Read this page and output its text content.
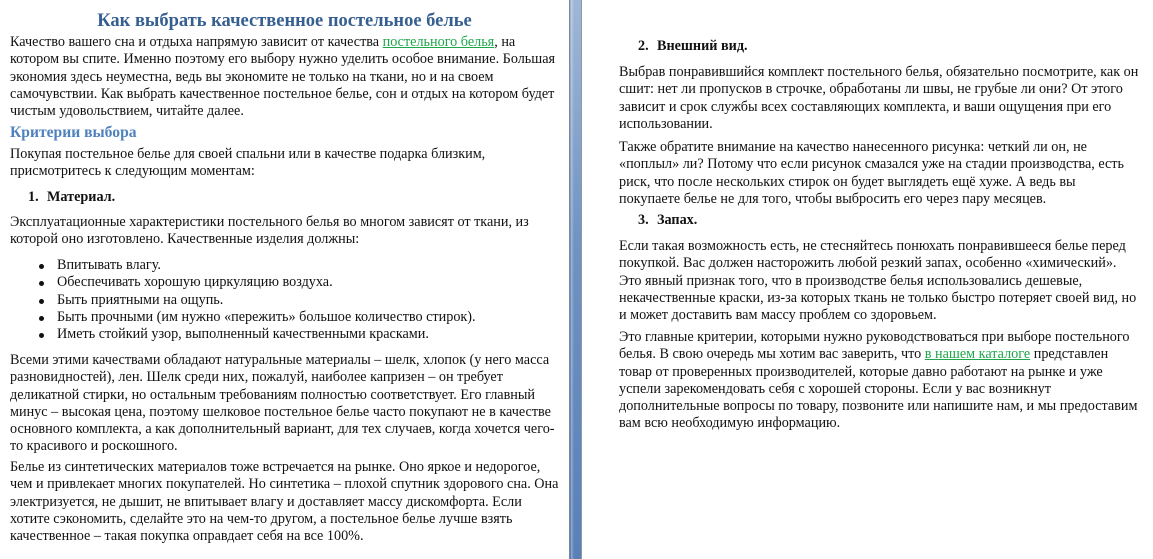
Как выбрать качественное постельное белье

Качество вашего сна и отдыха напрямую зависит от качества постельного белья, на котором вы спите. Именно поэтому его выбору нужно уделить особое внимание. Большая экономия здесь неуместна, ведь вы экономите не только на ткани, но и на своем самочувствии. Как выбрать качественное постельное белье, сон и отдых на котором будет чистым удовольствием, читайте далее.

Критерии выбора

Покупая постельное белье для своей спальни или в качестве подарка близким, присмотритесь к следующим моментам:

1. Материал.

Эксплуатационные характеристики постельного белья во многом зависят от ткани, из которой оно изготовлено. Качественные изделия должны:

Впитывать влагу.
Обеспечивать хорошую циркуляцию воздуха.
Быть приятными на ощупь.
Быть прочными (им нужно «пережить» большое количество стирок).
Иметь стойкий узор, выполненный качественными красками.

Всеми этими качествами обладают натуральные материалы – шелк, хлопок (у него масса разновидностей), лен. Шелк среди них, пожалуй, наиболее капризен – он требует деликатной стирки, но остальным требованиям полностью соответствует. Его главный минус – высокая цена, поэтому шелковое постельное белье часто покупают не в качестве основного комплекта, а как дополнительный вариант, для тех случаев, когда хочется чего-то красивого и роскошного.

Белье из синтетических материалов тоже встречается на рынке. Оно яркое и недорогое, чем и привлекает многих покупателей. Но синтетика – плохой спутник здорового сна. Она электризуется, не дышит, не впитывает влагу и доставляет массу дискомфорта. Если хотите сэкономить, сделайте это на чем-то другом, а постельное белье лучше взять качественное – такая покупка оправдает себя на все 100%.

2. Внешний вид.

Выбрав понравившийся комплект постельного белья, обязательно посмотрите, как он сшит: нет ли пропусков в строчке, обработаны ли швы, не грубые ли они? От этого зависит и срок службы всех составляющих комплекта, и ваши ощущения при его использовании.

Также обратите внимание на качество нанесенного рисунка: четкий ли он, не «поплыл» ли? Потому что если рисунок смазался уже на стадии производства, есть риск, что после нескольких стирок он будет выглядеть ещё хуже. А ведь вы покупаете белье не для того, чтобы выбросить его через пару месяцев.

3. Запах.

Если такая возможность есть, не стесняйтесь понюхать понравившееся белье перед покупкой. Вас должен насторожить любой резкий запах, особенно «химический». Это явный признак того, что в производстве белья использовались дешевые, некачественные краски, из-за которых ткань не только быстро потеряет своей вид, но и может доставить вам массу проблем со здоровьем.

Это главные критерии, которыми нужно руководствоваться при выборе постельного белья. В свою очередь мы хотим вас заверить, что в нашем каталоге представлен товар от проверенных производителей, которые давно работают на рынке и уже успели зарекомендовать себя с хорошей стороны. Если у вас возникнут дополнительные вопросы по товару, позвоните или напишите нам, и мы предоставим вам всю необходимую информацию.
